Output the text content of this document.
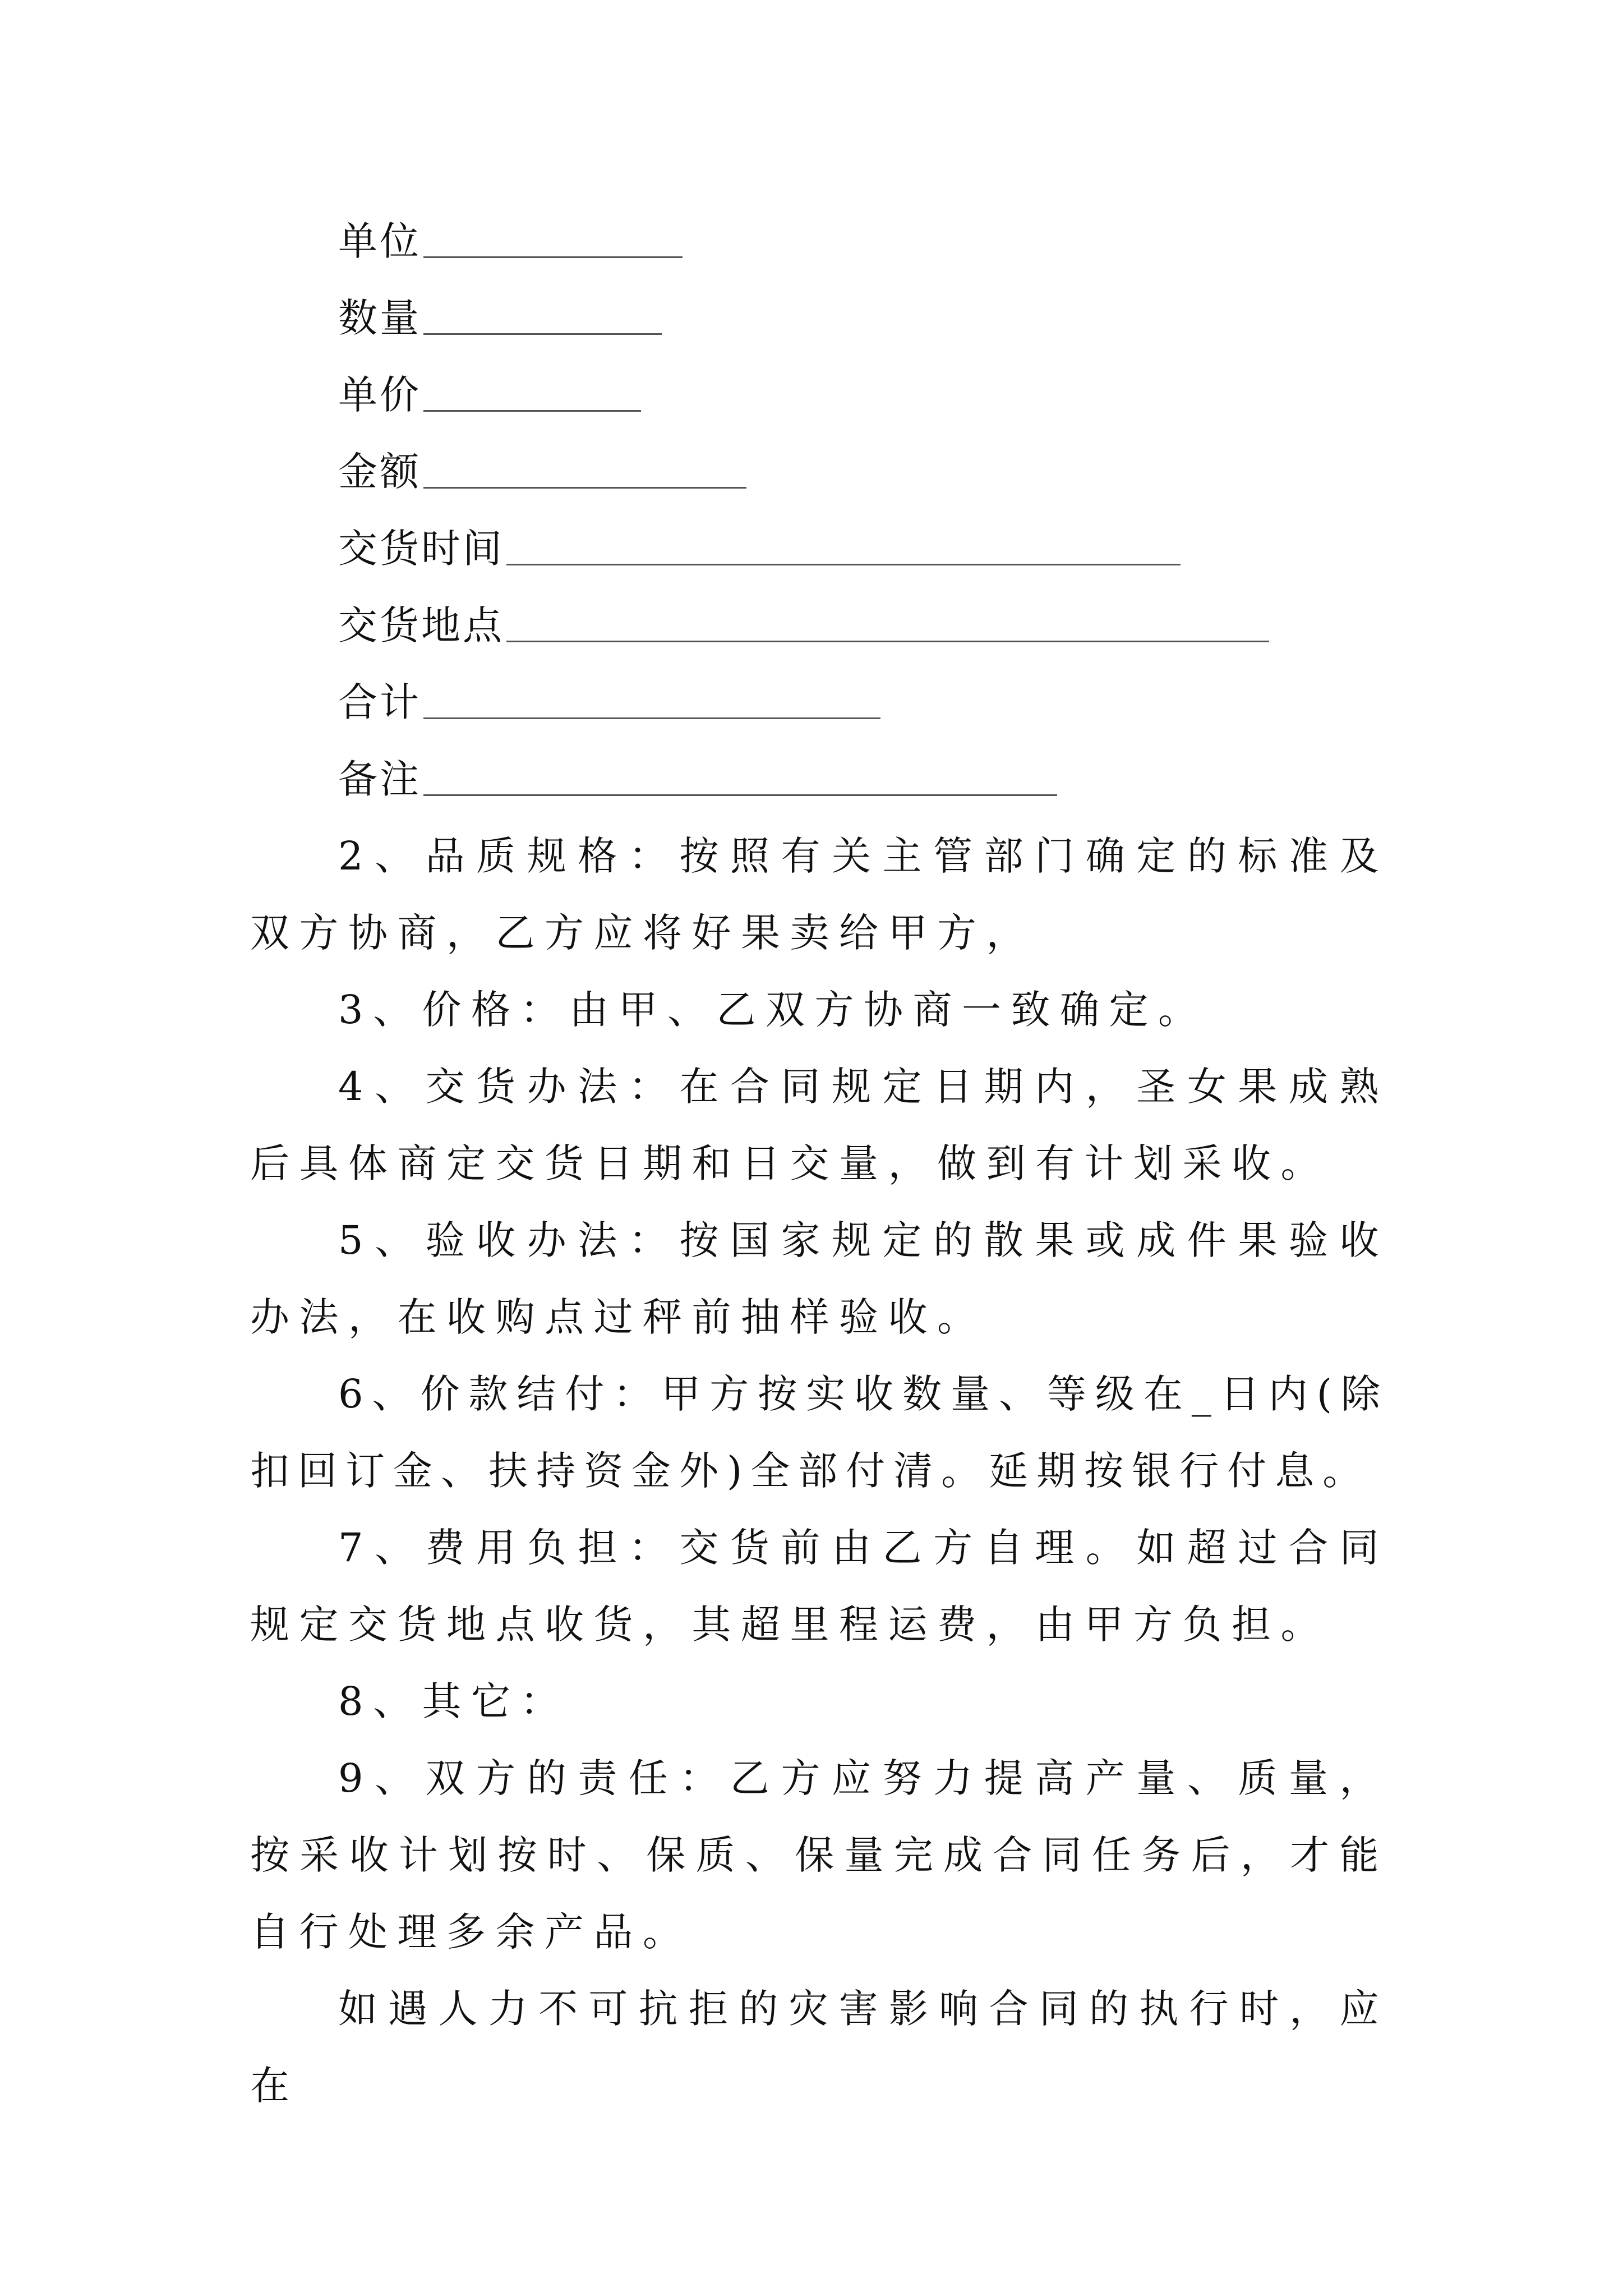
单位
数量
单价
金额
交货时间
交货地点
合计
备注

2、品质规格：按照有关主管部门确定的标准及双方协商，乙方应将好果卖给甲方，

3、价格：由甲、乙双方协商一致确定。

4、交货办法：在合同规定日期内，圣女果成熟后具体商定交货日期和日交量，做到有计划采收。

5、验收办法：按国家规定的散果或成件果验收办法，在收购点过秤前抽样验收。

6、价款结付：甲方按实收数量、等级在_日内(除扣回订金、扶持资金外)全部付清。延期按银行付息。

7、费用负担：交货前由乙方自理。如超过合同规定交货地点收货，其超里程运费，由甲方负担。

8、其它：

9、双方的责任：乙方应努力提高产量、质量，按采收计划按时、保质、保量完成合同任务后，才能自行处理多余产品。

如遇人力不可抗拒的灾害影响合同的执行时，应在
